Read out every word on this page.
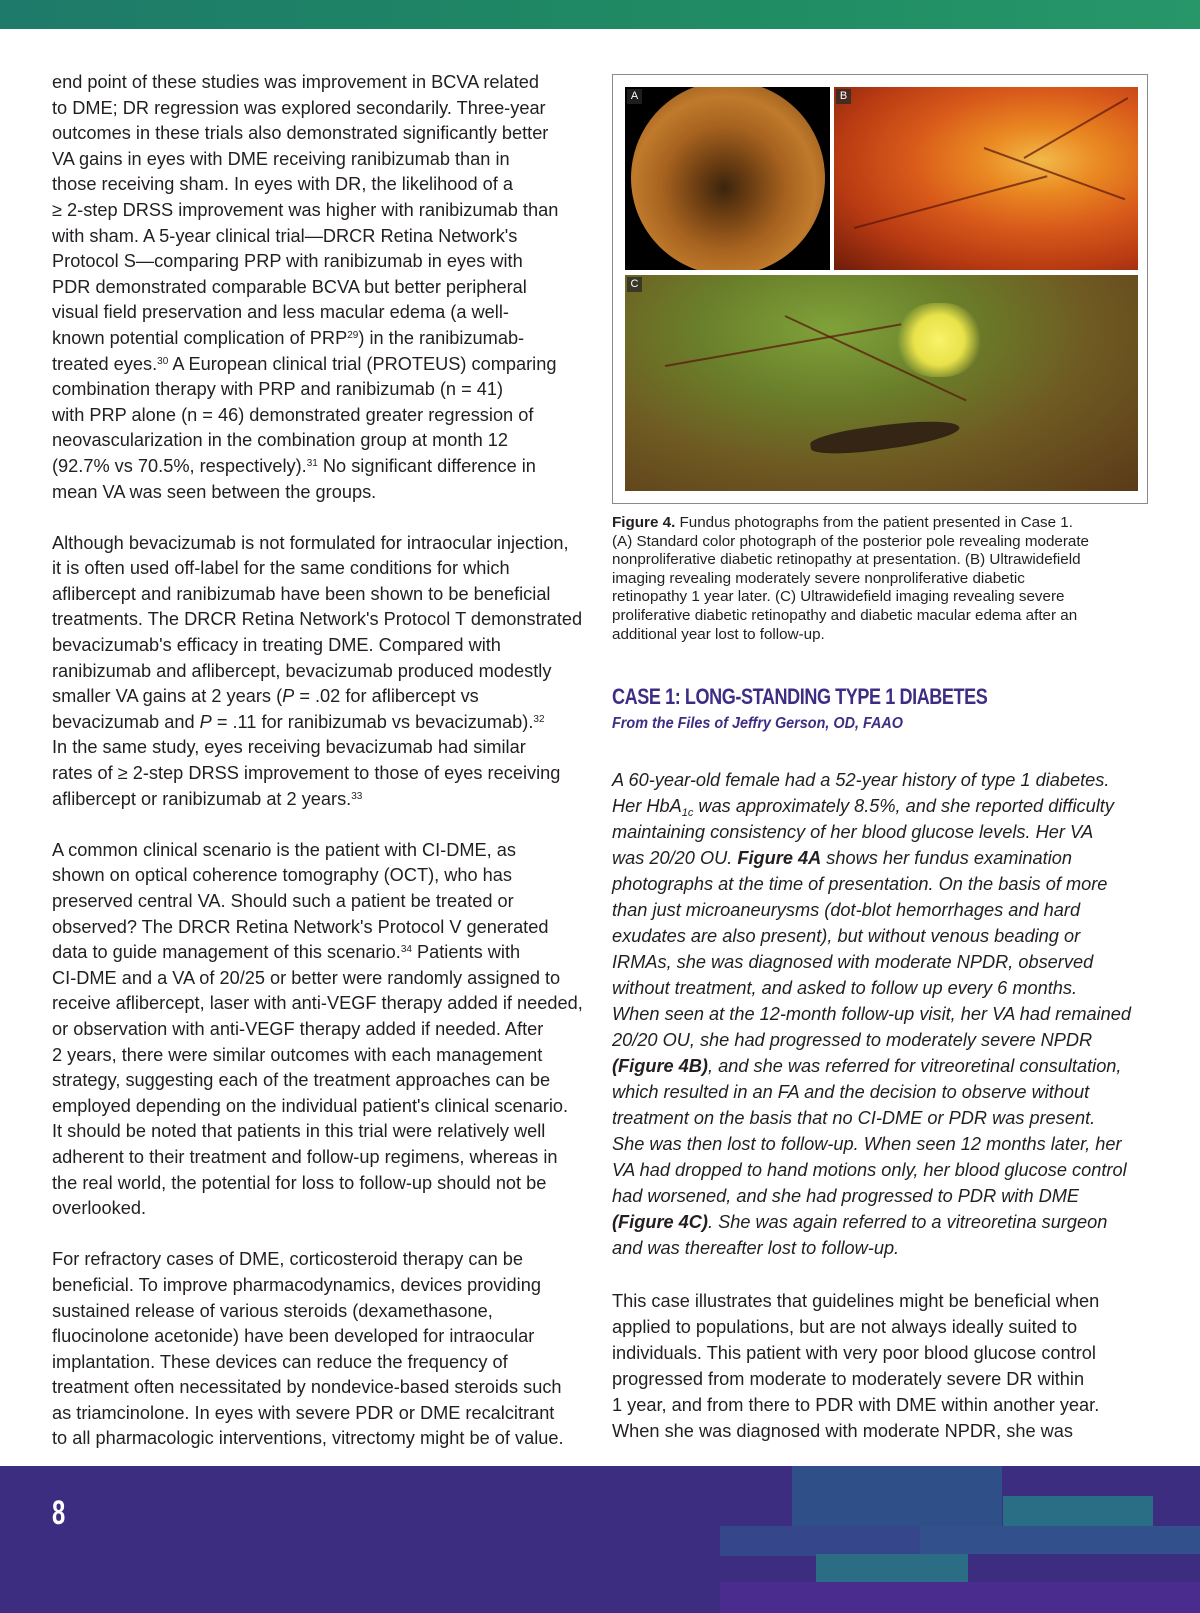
end point of these studies was improvement in BCVA related
to DME; DR regression was explored secondarily. Three-year
outcomes in these trials also demonstrated significantly better
VA gains in eyes with DME receiving ranibizumab than in
those receiving sham. In eyes with DR, the likelihood of a
≥ 2-step DRSS improvement was higher with ranibizumab than
with sham. A 5-year clinical trial—DRCR Retina Network's
Protocol S—comparing PRP with ranibizumab in eyes with
PDR demonstrated comparable BCVA but better peripheral
visual field preservation and less macular edema (a well-
known potential complication of PRP$^{29}$) in the ranibizumab-
treated eyes.$^{30}$ A European clinical trial (PROTEUS) comparing
combination therapy with PRP and ranibizumab (n = 41)
with PRP alone (n = 46) demonstrated greater regression of
neovascularization in the combination group at month 12
(92.7% vs 70.5%, respectively).$^{31}$ No significant difference in
mean VA was seen between the groups.

Although bevacizumab is not formulated for intraocular injection,
it is often used off-label for the same conditions for which
aflibercept and ranibizumab have been shown to be beneficial
treatments. The DRCR Retina Network's Protocol T demonstrated
bevacizumab's efficacy in treating DME. Compared with
ranibizumab and aflibercept, bevacizumab produced modestly
smaller VA gains at 2 years (P = .02 for aflibercept vs
bevacizumab and P = .11 for ranibizumab vs bevacizumab).$^{32}$
In the same study, eyes receiving bevacizumab had similar
rates of ≥ 2-step DRSS improvement to those of eyes receiving
aflibercept or ranibizumab at 2 years.$^{33}$

A common clinical scenario is the patient with CI-DME, as
shown on optical coherence tomography (OCT), who has
preserved central VA. Should such a patient be treated or
observed? The DRCR Retina Network's Protocol V generated
data to guide management of this scenario.$^{34}$ Patients with
CI-DME and a VA of 20/25 or better were randomly assigned to
receive aflibercept, laser with anti-VEGF therapy added if needed,
or observation with anti-VEGF therapy added if needed. After
2 years, there were similar outcomes with each management
strategy, suggesting each of the treatment approaches can be
employed depending on the individual patient's clinical scenario.
It should be noted that patients in this trial were relatively well
adherent to their treatment and follow-up regimens, whereas in
the real world, the potential for loss to follow-up should not be
overlooked.

For refractory cases of DME, corticosteroid therapy can be
beneficial. To improve pharmacodynamics, devices providing
sustained release of various steroids (dexamethasone,
fluocinolone acetonide) have been developed for intraocular
implantation. These devices can reduce the frequency of
treatment often necessitated by nondevice-based steroids such
as triamcinolone. In eyes with severe PDR or DME recalcitrant
to all pharmacologic interventions, vitrectomy might be of value.

A	B
C
Figure 4. Fundus photographs from the patient presented in Case 1.
(A) Standard color photograph of the posterior pole revealing moderate
nonproliferative diabetic retinopathy at presentation. (B) Ultrawidefield
imaging revealing moderately severe nonproliferative diabetic
retinopathy 1 year later. (C) Ultrawidefield imaging revealing severe
proliferative diabetic retinopathy and diabetic macular edema after an
additional year lost to follow-up.
CASE 1: LONG-STANDING TYPE 1 DIABETES
From the Files of Jeffry Gerson, OD, FAAO
A 60-year-old female had a 52-year history of type 1 diabetes.
Her HbA$_{1c}$ was approximately 8.5%, and she reported difficulty
maintaining consistency of her blood glucose levels. Her VA
was 20/20 OU. Figure 4A shows her fundus examination
photographs at the time of presentation. On the basis of more
than just microaneurysms (dot-blot hemorrhages and hard
exudates are also present), but without venous beading or
IRMAs, she was diagnosed with moderate NPDR, observed
without treatment, and asked to follow up every 6 months.
When seen at the 12-month follow-up visit, her VA had remained
20/20 OU, she had progressed to moderately severe NPDR
(Figure 4B), and she was referred for vitreoretinal consultation,
which resulted in an FA and the decision to observe without
treatment on the basis that no CI-DME or PDR was present.
She was then lost to follow-up. When seen 12 months later, her
VA had dropped to hand motions only, her blood glucose control
had worsened, and she had progressed to PDR with DME
(Figure 4C). She was again referred to a vitreoretina surgeon
and was thereafter lost to follow-up.
This case illustrates that guidelines might be beneficial when
applied to populations, but are not always ideally suited to
individuals. This patient with very poor blood glucose control
progressed from moderate to moderately severe DR within
1 year, and from there to PDR with DME within another year.
When she was diagnosed with moderate NPDR, she was
8
